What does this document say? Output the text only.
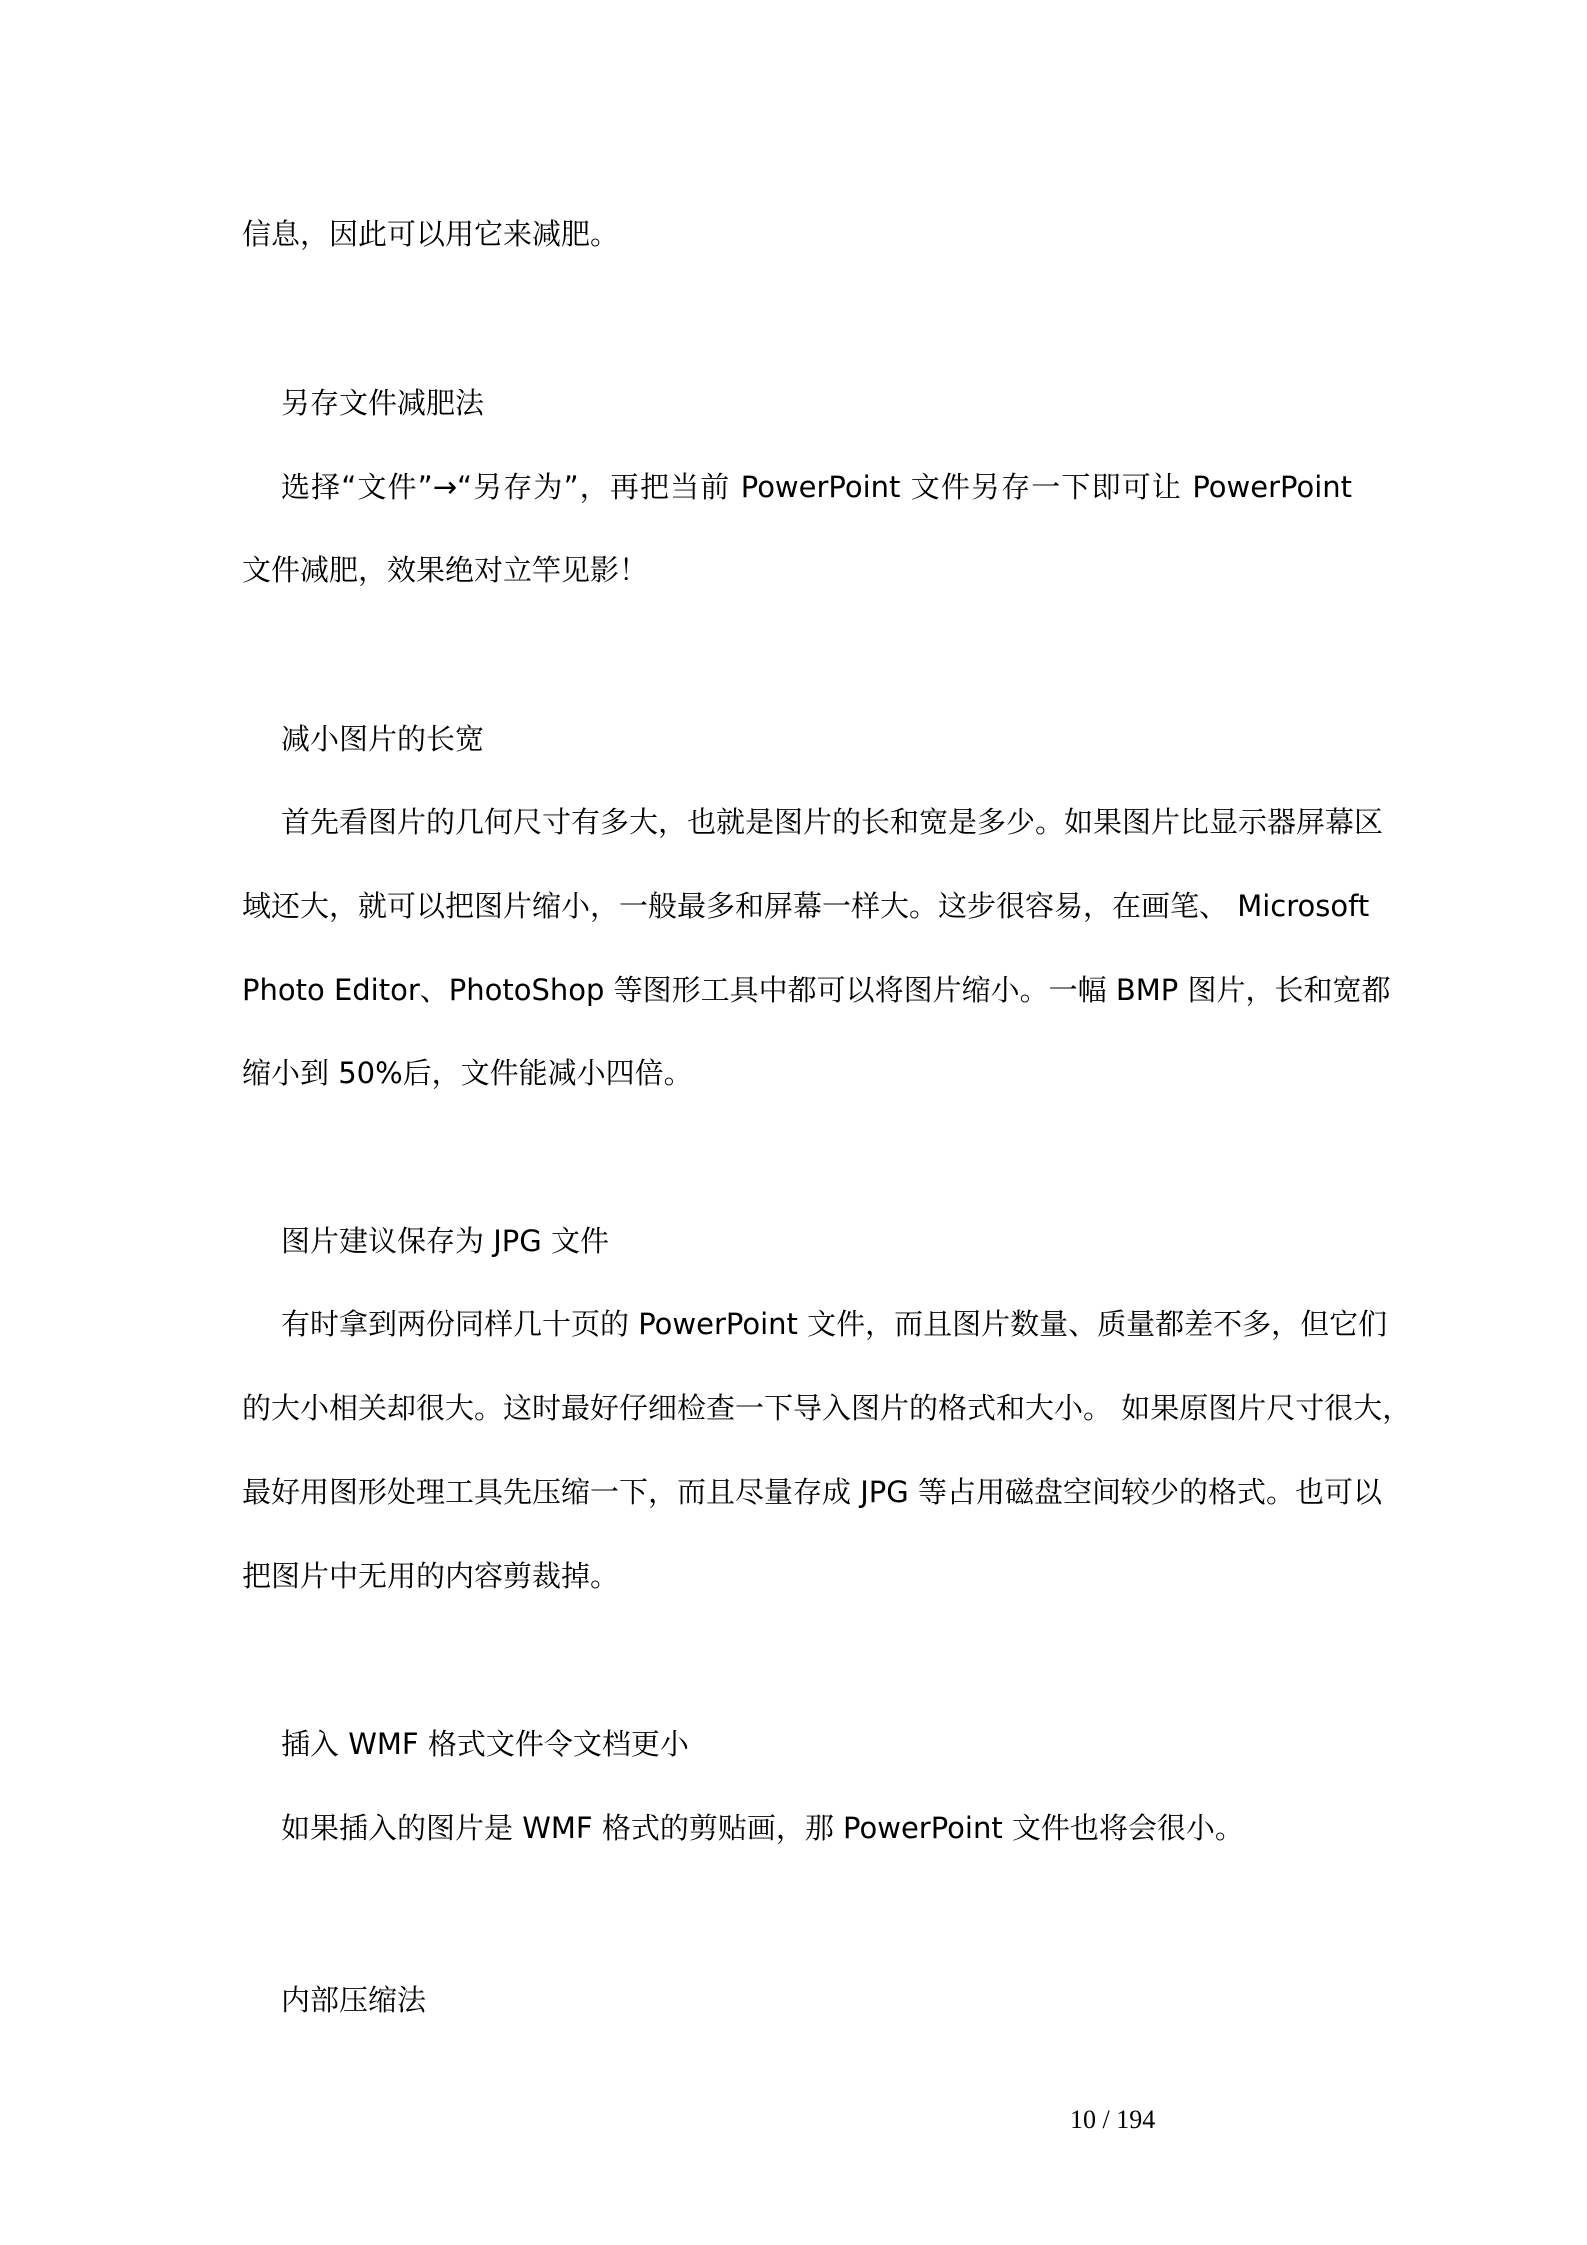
信息，因此可以用它来减肥。
另存文件减肥法
选择“文件”→“另存为”，再把当前 PowerPoint 文件另存一下即可让 PowerPoint
文件减肥，效果绝对立竿见影！
减小图片的长宽
首先看图片的几何尺寸有多大，也就是图片的长和宽是多少。如果图片比显示器屏幕区
域还大，就可以把图片缩小，一般最多和屏幕一样大。这步很容易，在画笔、 Microsoft
Photo Editor、PhotoShop 等图形工具中都可以将图片缩小。一幅 BMP 图片，长和宽都
缩小到 50%后，文件能减小四倍。
图片建议保存为 JPG 文件
有时拿到两份同样几十页的 PowerPoint 文件，而且图片数量、质量都差不多，但它们
的大小相关却很大。这时最好仔细检查一下导入图片的格式和大小。 如果原图片尺寸很大，
最好用图形处理工具先压缩一下，而且尽量存成 JPG 等占用磁盘空间较少的格式。也可以
把图片中无用的内容剪裁掉。
插入 WMF 格式文件令文档更小
如果插入的图片是 WMF 格式的剪贴画，那 PowerPoint 文件也将会很小。
内部压缩法
10 / 194
